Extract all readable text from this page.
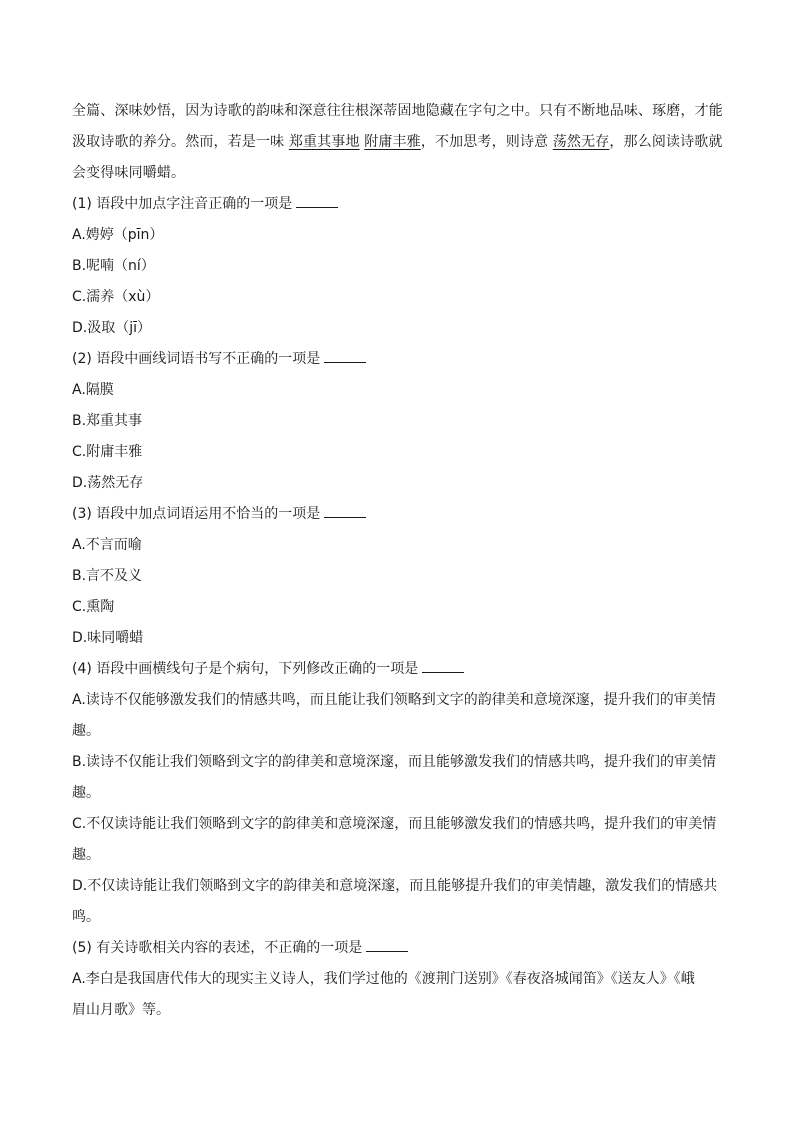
全篇、深味妙悟，因为诗歌的韵味和深意往往根深蒂固地隐藏在字句之中。只有不断地品味、琢磨，才能
汲取诗歌的养分。然而，若是一味 郑重其事地 附庸丰雅，不加思考，则诗意 荡然无存，那么阅读诗歌就
会变得味同嚼蜡。
(1) 语段中加点字注音正确的一项是
A.娉婷（pīn）
B.呢喃（ní）
C.濡养（xù）
D.汲取（jī）
(2) 语段中画线词语书写不正确的一项是
A.隔膜
B.郑重其事
C.附庸丰雅
D.荡然无存
(3) 语段中加点词语运用不恰当的一项是
A.不言而喻
B.言不及义
C.熏陶
D.味同嚼蜡
(4) 语段中画横线句子是个病句，下列修改正确的一项是
A.读诗不仅能够激发我们的情感共鸣，而且能让我们领略到文字的韵律美和意境深邃，提升我们的审美情
趣。
B.读诗不仅能让我们领略到文字的韵律美和意境深邃，而且能够激发我们的情感共鸣，提升我们的审美情
趣。
C.不仅读诗能让我们领略到文字的韵律美和意境深邃，而且能够激发我们的情感共鸣，提升我们的审美情
趣。
D.不仅读诗能让我们领略到文字的韵律美和意境深邃，而且能够提升我们的审美情趣，激发我们的情感共
鸣。
(5) 有关诗歌相关内容的表述，不正确的一项是
A.李白是我国唐代伟大的现实主义诗人，我们学过他的《渡荆门送别》《春夜洛城闻笛》《送友人》《峨
眉山月歌》等。
